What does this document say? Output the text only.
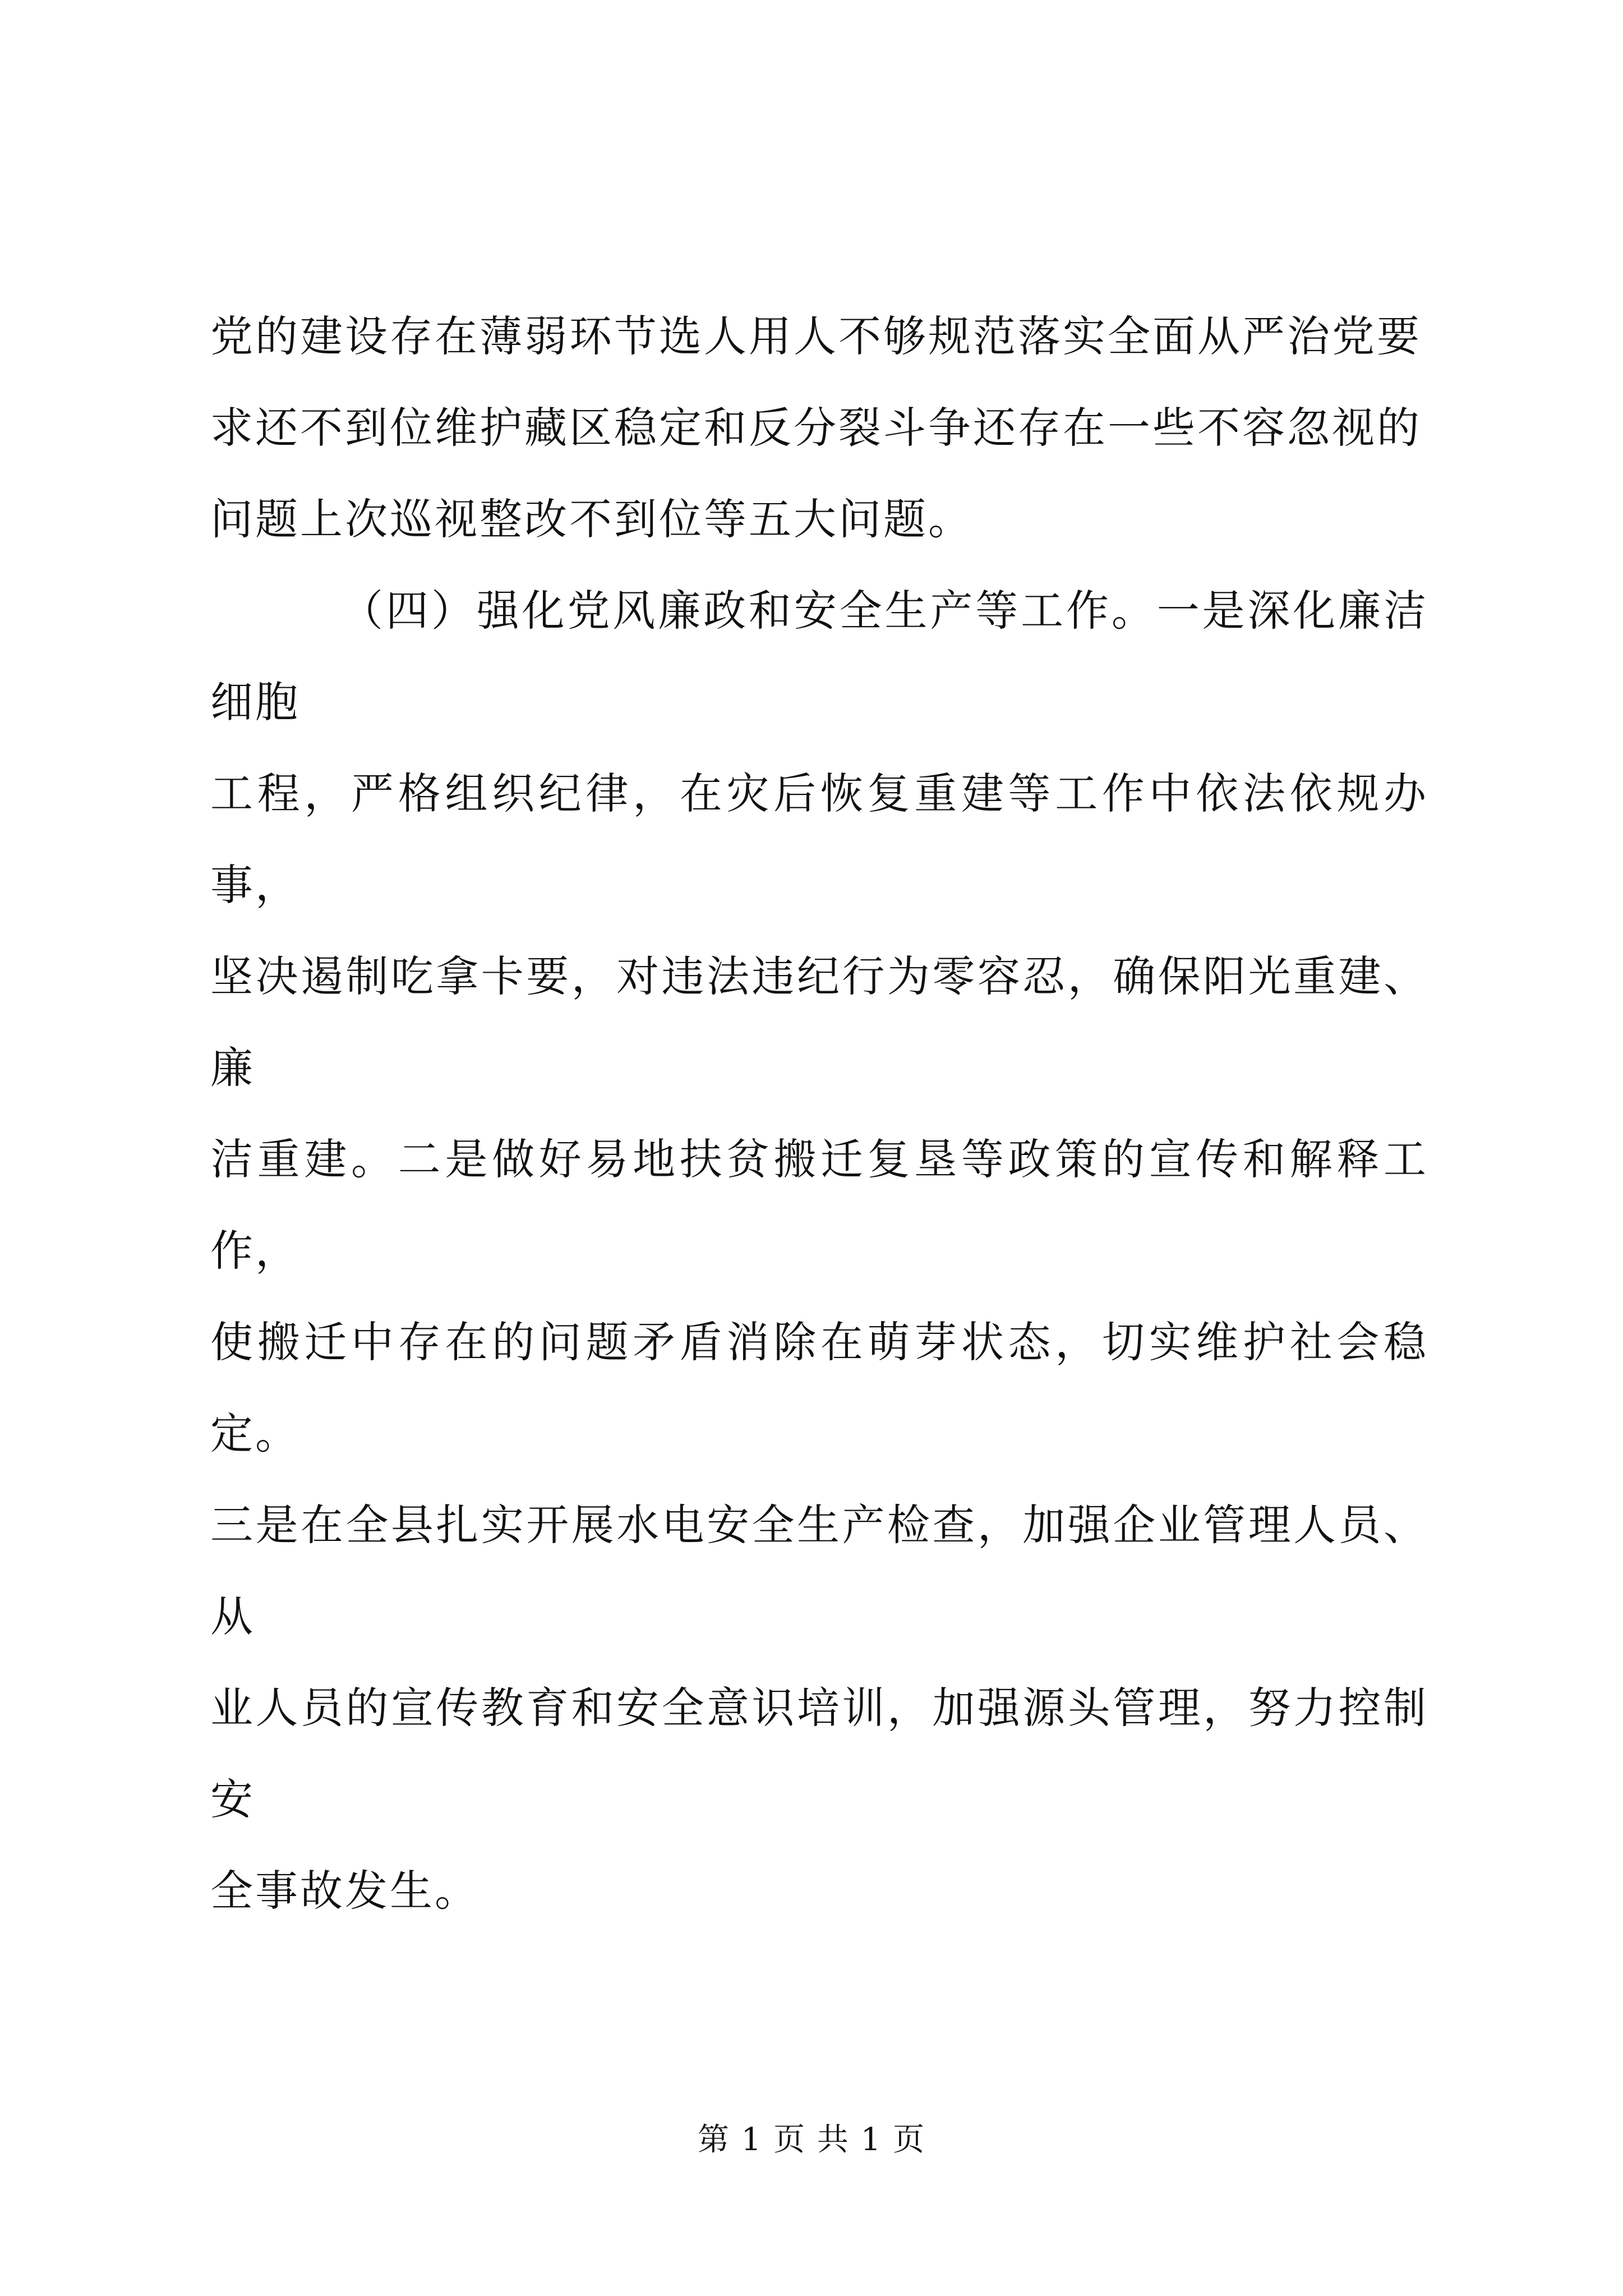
党的建设存在薄弱环节选人用人不够规范落实全面从严治党要
求还不到位维护藏区稳定和反分裂斗争还存在一些不容忽视的
问题上次巡视整改不到位等五大问题。

（四）强化党风廉政和安全生产等工作。一是深化廉洁细胞
工程，严格组织纪律，在灾后恢复重建等工作中依法依规办事，
坚决遏制吃拿卡要，对违法违纪行为零容忍，确保阳光重建、廉
洁重建。二是做好易地扶贫搬迁复垦等政策的宣传和解释工作，
使搬迁中存在的问题矛盾消除在萌芽状态，切实维护社会稳定。
三是在全县扎实开展水电安全生产检查，加强企业管理人员、从
业人员的宣传教育和安全意识培训，加强源头管理，努力控制安
全事故发生。

第 1 页 共 1 页
